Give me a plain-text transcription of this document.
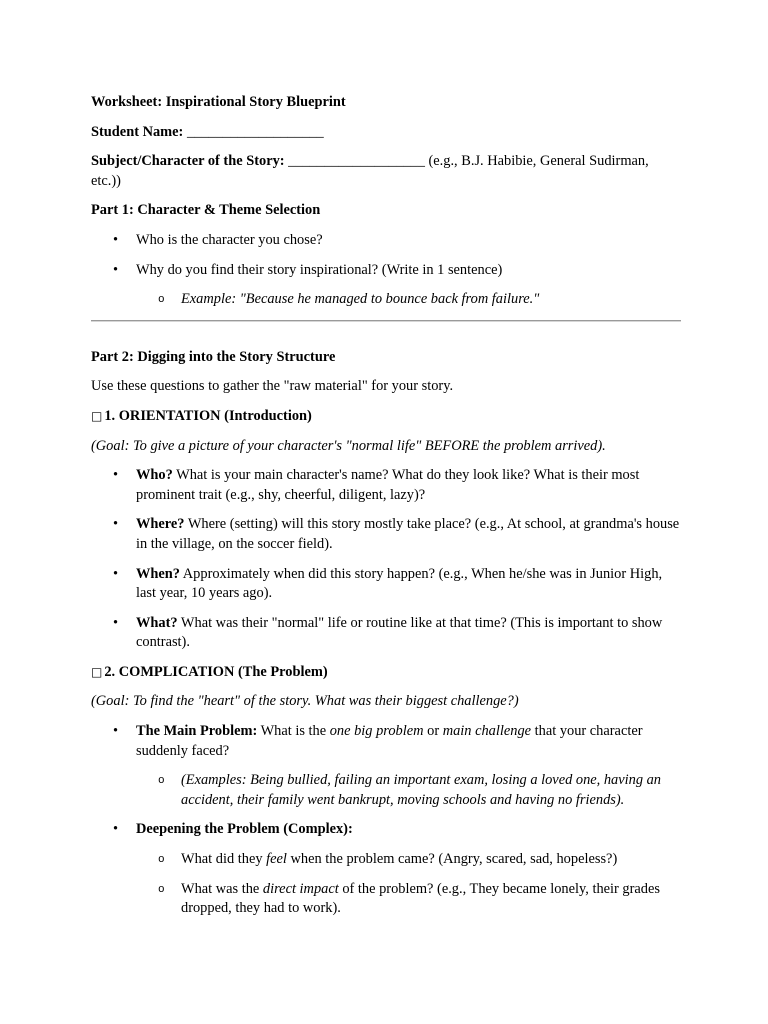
Worksheet: Inspirational Story Blueprint

Student Name: ___________________

Subject/Character of the Story: ___________________ (e.g., B.J. Habibie, General Sudirman, etc.))

Part 1: Character & Theme Selection

• Who is the character you chose?
• Why do you find their story inspirational? (Write in 1 sentence)
o Example: "Because he managed to bounce back from failure."

Part 2: Digging into the Story Structure

Use these questions to gather the "raw material" for your story.

□ 1. ORIENTATION (Introduction)

(Goal: To give a picture of your character's "normal life" BEFORE the problem arrived).

• Who? What is your main character's name? What do they look like? What is their most prominent trait (e.g., shy, cheerful, diligent, lazy)?
• Where? Where (setting) will this story mostly take place? (e.g., At school, at grandma's house in the village, on the soccer field).
• When? Approximately when did this story happen? (e.g., When he/she was in Junior High, last year, 10 years ago).
• What? What was their "normal" life or routine like at that time? (This is important to show contrast).

□ 2. COMPLICATION (The Problem)

(Goal: To find the "heart" of the story. What was their biggest challenge?)

• The Main Problem: What is the one big problem or main challenge that your character suddenly faced?
o (Examples: Being bullied, failing an important exam, losing a loved one, having an accident, their family went bankrupt, moving schools and having no friends).
• Deepening the Problem (Complex):
o What did they feel when the problem came? (Angry, scared, sad, hopeless?)
o What was the direct impact of the problem? (e.g., They became lonely, their grades dropped, they had to work).
